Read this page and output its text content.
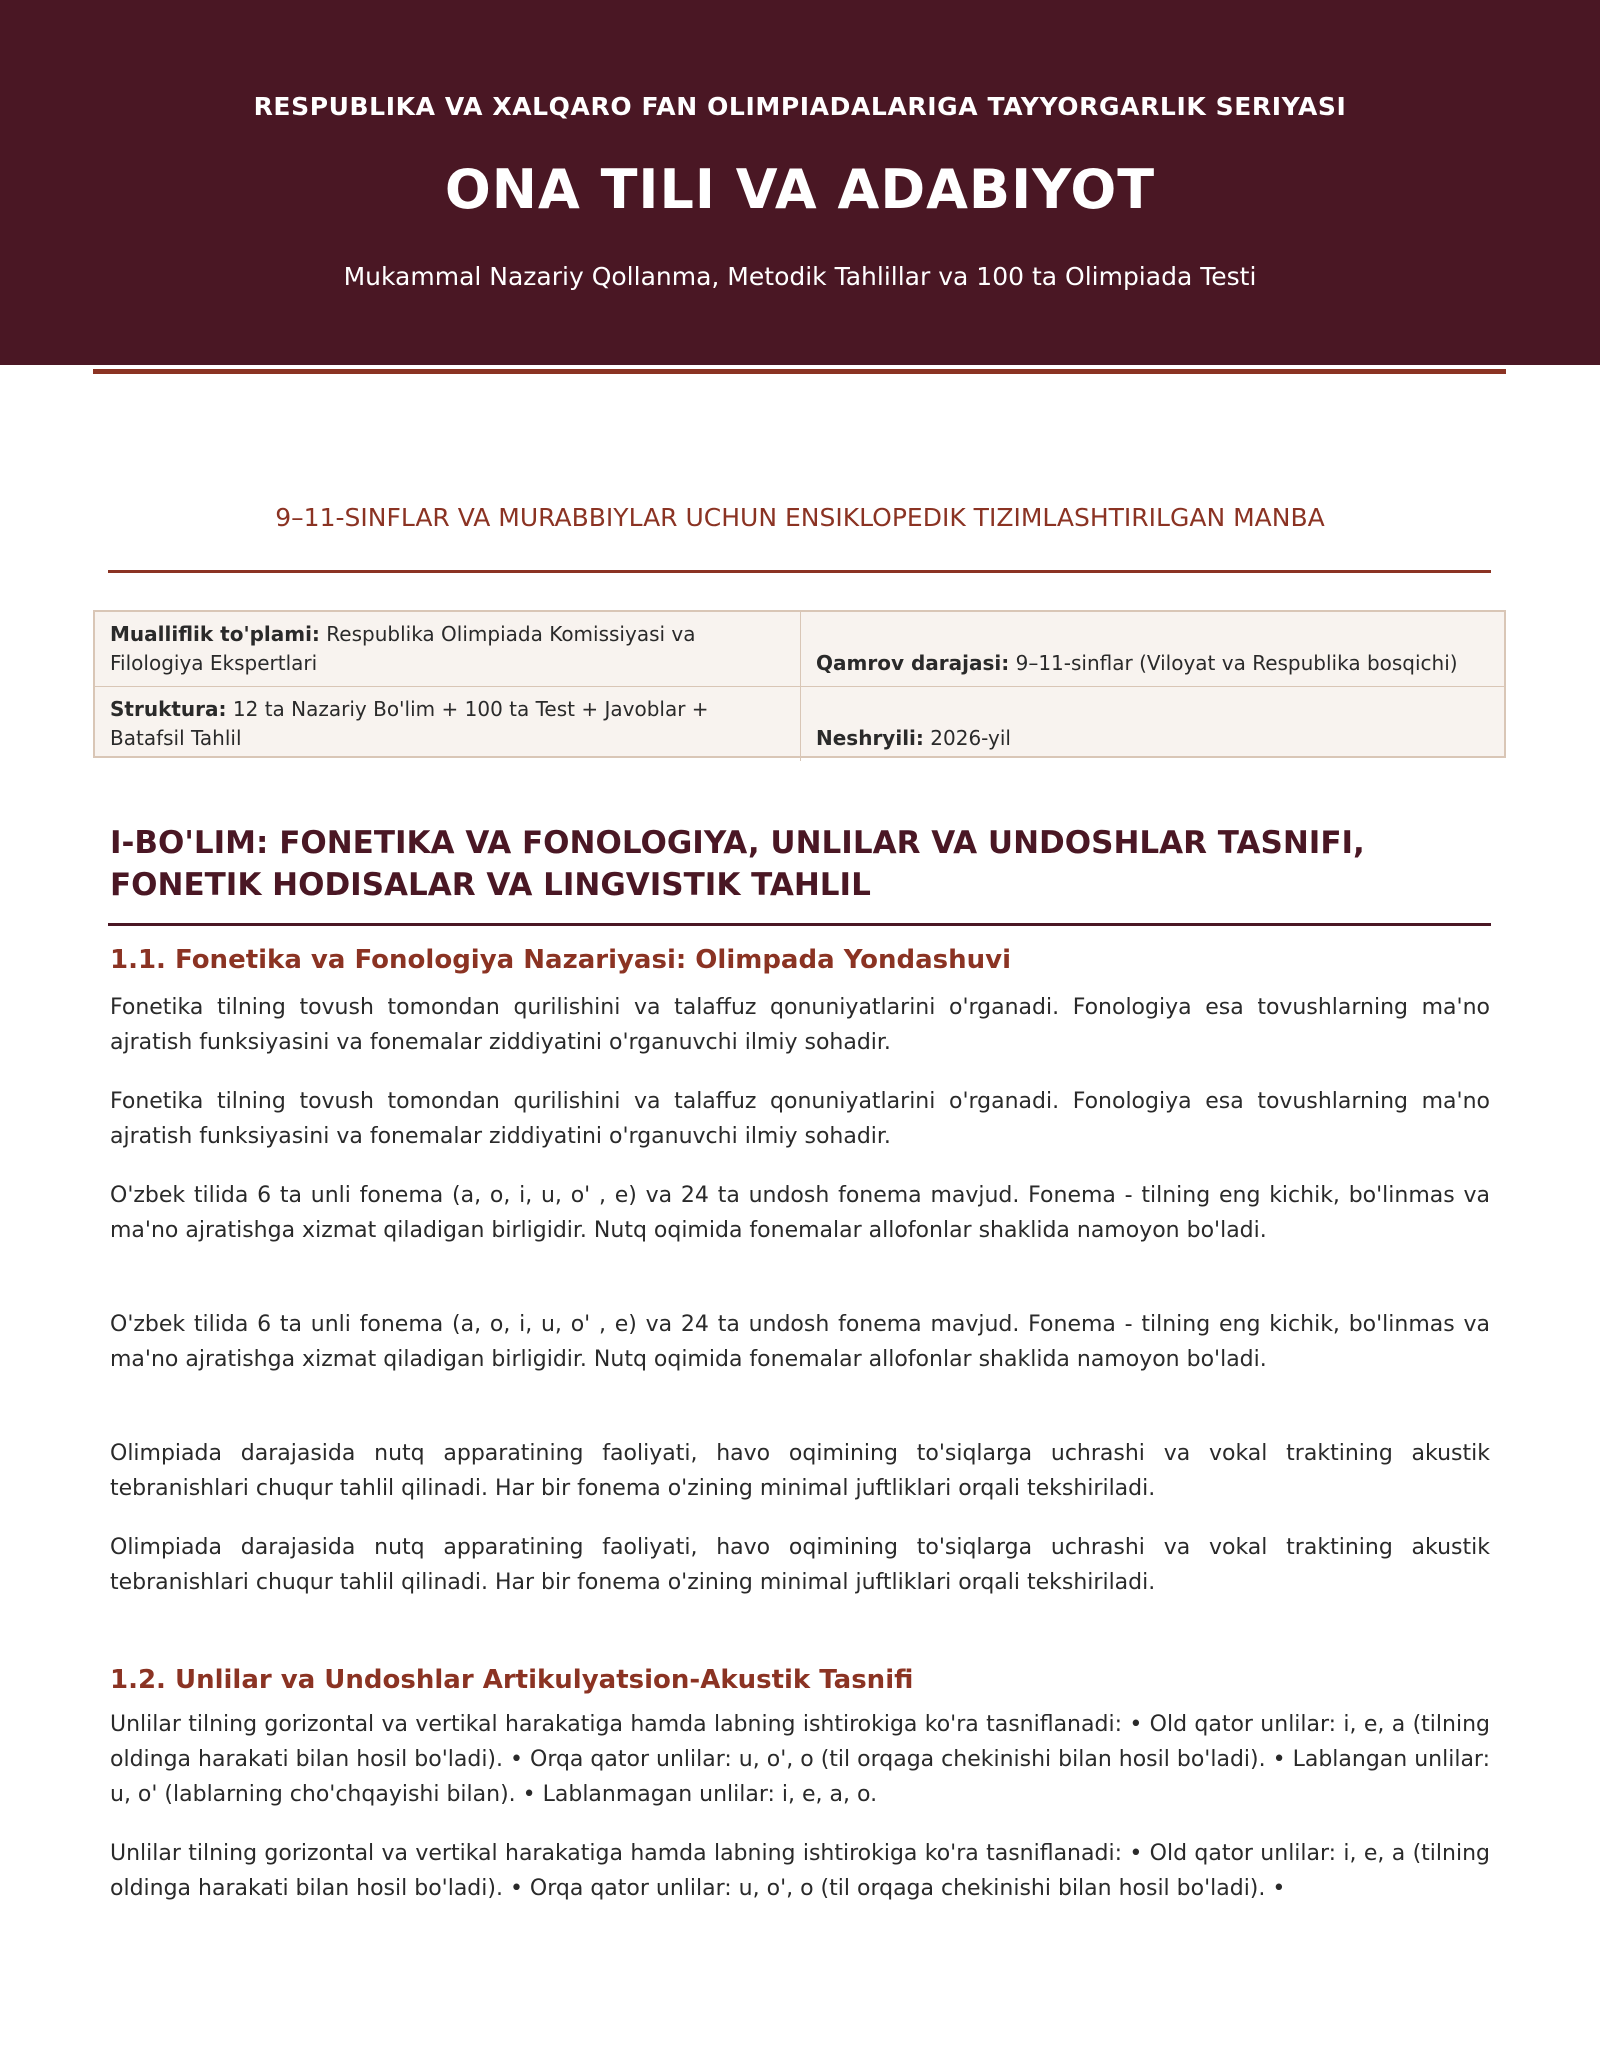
RESPUBLIKA VA XALQARO FAN OLIMPIADALARIGA TAYYORGARLIK SERIYASI
ONA TILI VA ADABIYOT
Mukammal Nazariy Qollanma, Metodik Tahlillar va 100 ta Olimpiada Testi
9–11-SINFLAR VA MURABBIYLAR UCHUN ENSIKLOPEDIK TIZIMLASHTIRILGAN MANBA
Mualliflik to'plami: Respublika Olimpiada Komissiyasi va Filologiya Ekspertlari	Qamrov darajasi: 9–11-sinflar (Viloyat va Respublika bosqichi)
Struktura: 12 ta Nazariy Bo'lim + 100 ta Test + Javoblar + Batafsil Tahlil	Neshryili: 2026-yil
I-BO'LIM: FONETIKA VA FONOLOGIYA, UNLILAR VA UNDOSHLAR TASNIFI, FONETIK HODISALAR VA LINGVISTIK TAHLIL
1.1. Fonetika va Fonologiya Nazariyasi: Olimpada Yondashuvi
Fonetika tilning tovush tomondan qurilishini va talaffuz qonuniyatlarini o'rganadi. Fonologiya esa tovushlarning ma'no ajratish funksiyasini va fonemalar ziddiyatini o'rganuvchi ilmiy sohadir.
Fonetika tilning tovush tomondan qurilishini va talaffuz qonuniyatlarini o'rganadi. Fonologiya esa tovushlarning ma'no ajratish funksiyasini va fonemalar ziddiyatini o'rganuvchi ilmiy sohadir.
O'zbek tilida 6 ta unli fonema (a, o, i, u, o' , e) va 24 ta undosh fonema mavjud. Fonema - tilning eng kichik, bo'linmas va ma'no ajratishga xizmat qiladigan birligidir. Nutq oqimida fonemalar allofonlar shaklida namoyon bo'ladi.
O'zbek tilida 6 ta unli fonema (a, o, i, u, o' , e) va 24 ta undosh fonema mavjud. Fonema - tilning eng kichik, bo'linmas va ma'no ajratishga xizmat qiladigan birligidir. Nutq oqimida fonemalar allofonlar shaklida namoyon bo'ladi.
Olimpiada darajasida nutq apparatining faoliyati, havo oqimining to'siqlarga uchrashi va vokal traktining akustik tebranishlari chuqur tahlil qilinadi. Har bir fonema o'zining minimal juftliklari orqali tekshiriladi.
Olimpiada darajasida nutq apparatining faoliyati, havo oqimining to'siqlarga uchrashi va vokal traktining akustik tebranishlari chuqur tahlil qilinadi. Har bir fonema o'zining minimal juftliklari orqali tekshiriladi.
1.2. Unlilar va Undoshlar Artikulyatsion-Akustik Tasnifi
Unlilar tilning gorizontal va vertikal harakatiga hamda labning ishtirokiga ko'ra tasniflanadi: • Old qator unlilar: i, e, a (tilning oldinga harakati bilan hosil bo'ladi). • Orqa qator unlilar: u, o', o (til orqaga chekinishi bilan hosil bo'ladi). • Lablangan unlilar: u, o' (lablarning cho'chqayishi bilan). • Lablanmagan unlilar: i, e, a, o.
Unlilar tilning gorizontal va vertikal harakatiga hamda labning ishtirokiga ko'ra tasniflanadi: • Old qator unlilar: i, e, a (tilning oldinga harakati bilan hosil bo'ladi). • Orqa qator unlilar: u, o', o (til orqaga chekinishi bilan hosil bo'ladi). •
